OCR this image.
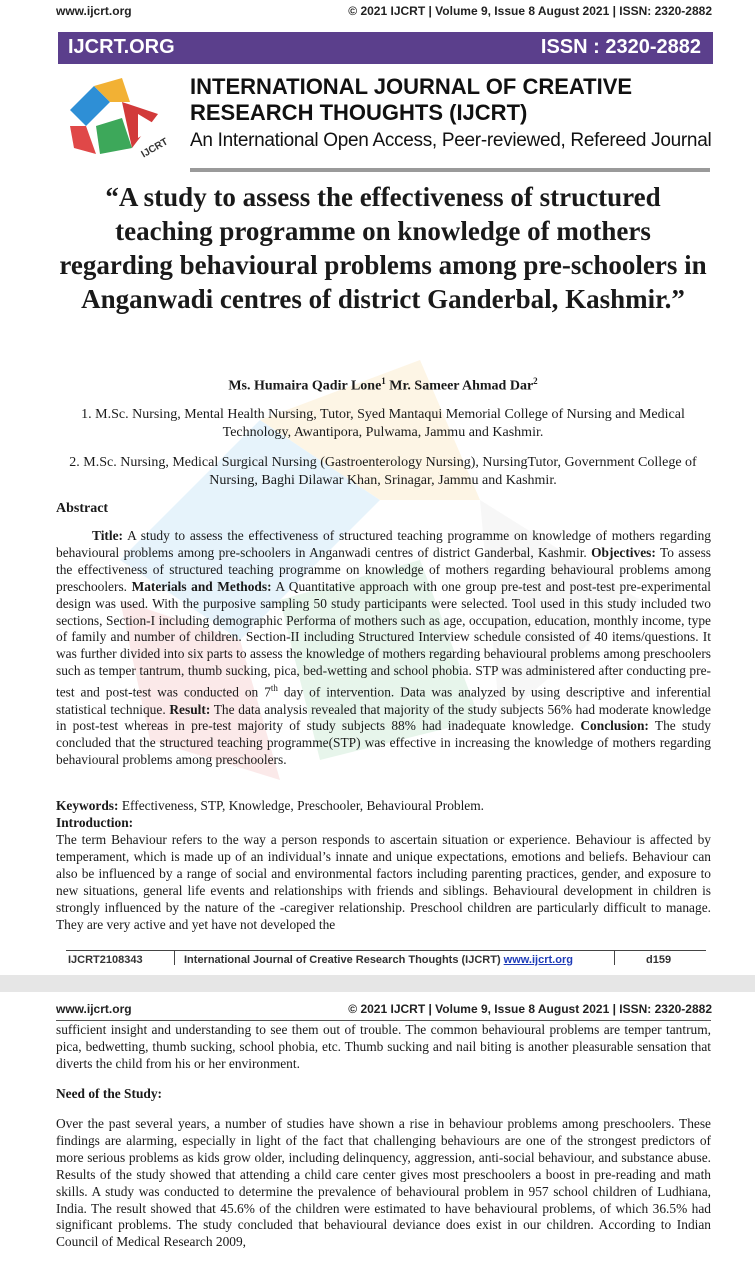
www.ijcrt.org	© 2021 IJCRT | Volume 9, Issue 8 August 2021 | ISSN: 2320-2882
IJCRT.ORG	ISSN : 2320-2882
IJCRT
INTERNATIONAL JOURNAL OF CREATIVE
RESEARCH THOUGHTS (IJCRT)
An International Open Access, Peer-reviewed, Refereed Journal
“A study to assess the effectiveness of structured teaching programme on knowledge of mothers regarding behavioural problems among pre-schoolers in Anganwadi centres of district Ganderbal, Kashmir.”
Ms. Humaira Qadir Lone$^1$ Mr. Sameer Ahmad Dar$^2$
1. M.Sc. Nursing, Mental Health Nursing, Tutor, Syed Mantaqui Memorial College of Nursing and Medical Technology, Awantipora, Pulwama, Jammu and Kashmir.
2. M.Sc. Nursing, Medical Surgical Nursing (Gastroenterology Nursing), NursingTutor, Government College of Nursing, Baghi Dilawar Khan, Srinagar, Jammu and Kashmir.
Abstract
Title: A study to assess the effectiveness of structured teaching programme on knowledge of mothers regarding behavioural problems among pre-schoolers in Anganwadi centres of district Ganderbal, Kashmir. Objectives: To assess the effectiveness of structured teaching programme on knowledge of mothers regarding behavioural problems among preschoolers. Materials and Methods: A Quantitative approach with one group pre-test and post-test pre-experimental design was used. With the purposive sampling 50 study participants were selected. Tool used in this study included two sections, Section-I including demographic Performa of mothers such as age, occupation, education, monthly income, type of family and number of children. Section-II including Structured Interview schedule consisted of 40 items/questions. It was further divided into six parts to assess the knowledge of mothers regarding behavioural problems among preschoolers such as temper tantrum, thumb sucking, pica, bed-wetting and school phobia. STP was administered after conducting pre-test and post-test was conducted on 7th day of intervention. Data was analyzed by using descriptive and inferential statistical technique. Result: The data analysis revealed that majority of the study subjects 56% had moderate knowledge in post-test whereas in pre-test majority of study subjects 88% had inadequate knowledge. Conclusion: The study concluded that the structured teaching programme(STP) was effective in increasing the knowledge of mothers regarding behavioural problems among preschoolers.
Keywords: Effectiveness, STP, Knowledge, Preschooler, Behavioural Problem.
Introduction:
The term Behaviour refers to the way a person responds to ascertain situation or experience. Behaviour is affected by temperament, which is made up of an individual’s innate and unique expectations, emotions and beliefs. Behaviour can also be influenced by a range of social and environmental factors including parenting practices, gender, and exposure to new situations, general life events and relationships with friends and siblings. Behavioural development in children is strongly influenced by the nature of the -caregiver relationship. Preschool children are particularly difficult to manage. They are very active and yet have not developed the
IJCRT2108343	International Journal of Creative Research Thoughts (IJCRT) www.ijcrt.org	d159
www.ijcrt.org	© 2021 IJCRT | Volume 9, Issue 8 August 2021 | ISSN: 2320-2882
sufficient insight and understanding to see them out of trouble. The common behavioural problems are temper tantrum, pica, bedwetting, thumb sucking, school phobia, etc. Thumb sucking and nail biting is another pleasurable sensation that diverts the child from his or her environment.
Need of the Study:
Over the past several years, a number of studies have shown a rise in behaviour problems among preschoolers. These findings are alarming, especially in light of the fact that challenging behaviours are one of the strongest predictors of more serious problems as kids grow older, including delinquency, aggression, anti-social behaviour, and substance abuse. Results of the study showed that attending a child care center gives most preschoolers a boost in pre-reading and math skills. A study was conducted to determine the prevalence of behavioural problem in 957 school children of Ludhiana, India. The result showed that 45.6% of the children were estimated to have behavioural problems, of which 36.5% had significant problems. The study concluded that behavioural deviance does exist in our children. According to Indian Council of Medical Research 2009,
